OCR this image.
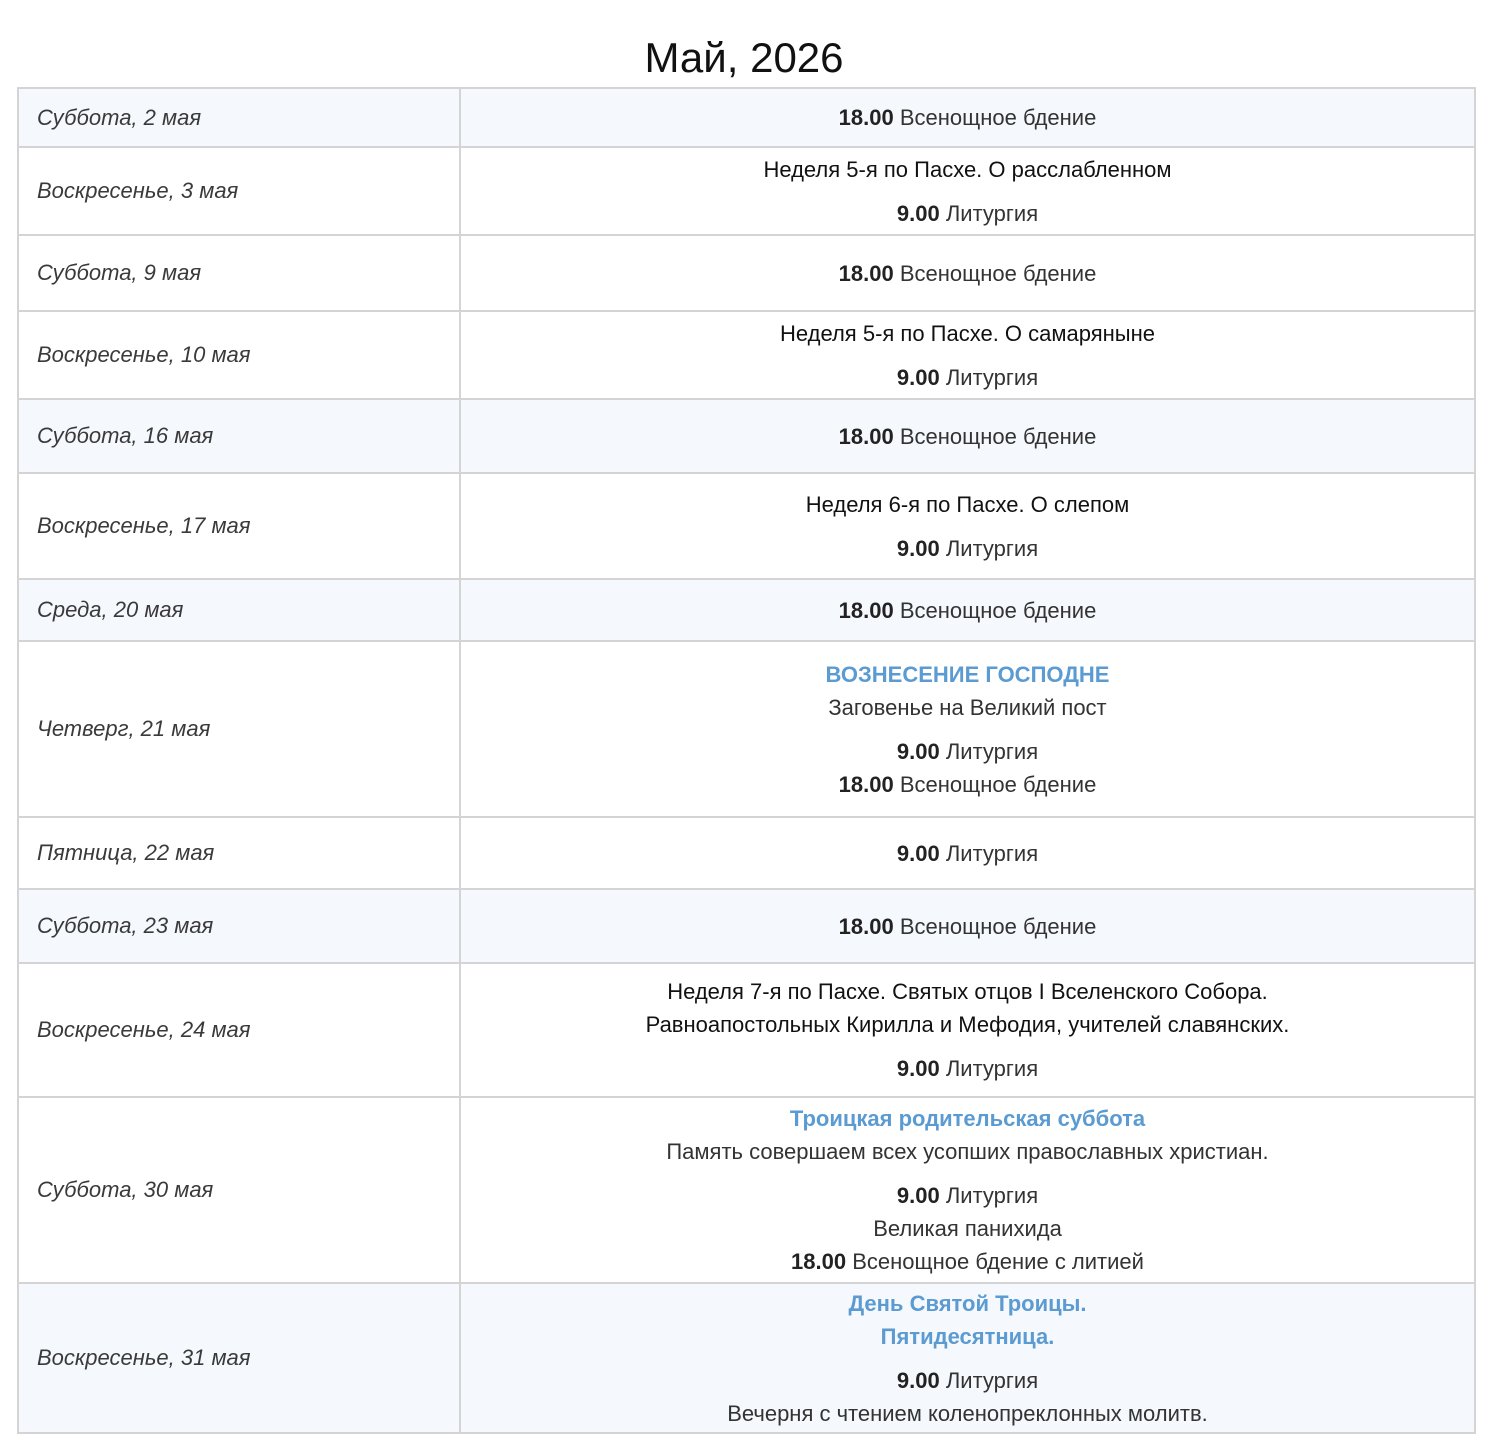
Май, 2026
Суббота, 2 мая	18.00 Всенощное бдение

Воскресенье, 3 мая	Неделя 5-я по Пасхе. О расслабленном
9.00 Литургия

Суббота, 9 мая	18.00 Всенощное бдение

Воскресенье, 10 мая	Неделя 5-я по Пасхе. О самаряныне
9.00 Литургия

Суббота, 16 мая	18.00 Всенощное бдение

Воскресенье, 17 мая	Неделя 6-я по Пасхе. О слепом
9.00 Литургия

Среда, 20 мая	18.00 Всенощное бдение

Четверг, 21 мая	ВОЗНЕСЕНИЕ ГОСПОДНЕ
Заговенье на Великий пост
9.00 Литургия
18.00 Всенощное бдение

Пятница, 22 мая	9.00 Литургия

Суббота, 23 мая	18.00 Всенощное бдение

Воскресенье, 24 мая	Неделя 7-я по Пасхе. Святых отцов I Вселенского Собора.
Равноапостольных Кирилла и Мефодия, учителей славянских.
9.00 Литургия

Суббота, 30 мая	Троицкая родительская суббота
Память совершаем всех усопших православных христиан.
9.00 Литургия
Великая панихида
18.00 Всенощное бдение с литией

Воскресенье, 31 мая	День Святой Троицы.
Пятидесятница.
9.00 Литургия
Вечерня с чтением коленопреклонных молитв.
